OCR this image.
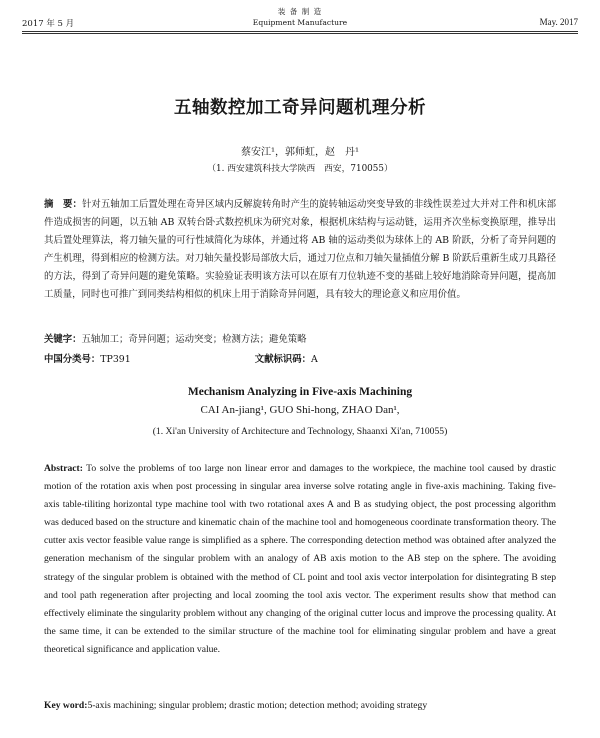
2017 年 5 月
装 备 制 造
Equipment Manufacture	May. 2017
五轴数控加工奇异问题机理分析
蔡安江¹，郭师虹，赵　丹¹
（1. 西安建筑科技大学陕西　西安，710055）
摘　要：针对五轴加工后置处理在奇异区域内反解旋转角时产生的旋转轴运动突变导致的非线性误差过大并对工件和机床部件造成损害的问题，以五轴 AB 双转台卧式数控机床为研究对象，根据机床结构与运动链，运用齐次坐标变换原理，推导出其后置处理算法，将刀轴矢量的可行性域简化为球体，并通过将 AB 轴的运动类似为球体上的 AB 阶跃，分析了奇异问题的产生机理，得到相应的检测方法。对刀轴矢量投影局部放大后，通过刀位点和刀轴矢量插值分解 B 阶跃后重新生成刀具路径的方法，得到了奇异问题的避免策略。实验验证表明该方法可以在原有刀位轨迹不变的基础上较好地消除奇异问题，提高加工质量，同时也可推广到同类结构相似的机床上用于消除奇异问题，具有较大的理论意义和应用价值。
关键字：五轴加工；奇异问题；运动突变；检测方法；避免策略
中国分类号：TP391	文献标识码：A
Mechanism Analyzing in Five-axis Machining
CAI An-jiang¹, GUO Shi-hong, ZHAO Dan¹,
(1. Xi'an University of Architecture and Technology, Shaanxi Xi'an, 710055)
Abstract: To solve the problems of too large non linear error and damages to the workpiece, the machine tool caused by drastic motion of the rotation axis when post processing in singular area inverse solve rotating angle in five-axis machining. Taking five-axis table-tiliting horizontal type machine tool with two rotational axes A and B as studying object, the post processing algorithm was deduced based on the structure and kinematic chain of the machine tool and homogeneous coordinate transformation theory. The cutter axis vector feasible value range is simplified as a sphere. The corresponding detection method was obtained after analyzed the generation mechanism of the singular problem with an analogy of AB axis motion to the AB step on the sphere. The avoiding strategy of the singular problem is obtained with the method of CL point and tool axis vector interpolation for disintegrating B step and tool path regeneration after projecting and local zooming the tool axis vector. The experiment results show that method can effectively eliminate the singularity problem without any changing of the original cutter locus and improve the processing quality. At the same time, it can be extended to the similar structure of the machine tool for eliminating singular problem and have a great theoretical significance and application value.
Key word:5-axis machining; singular problem; drastic motion; detection method; avoiding strategy
